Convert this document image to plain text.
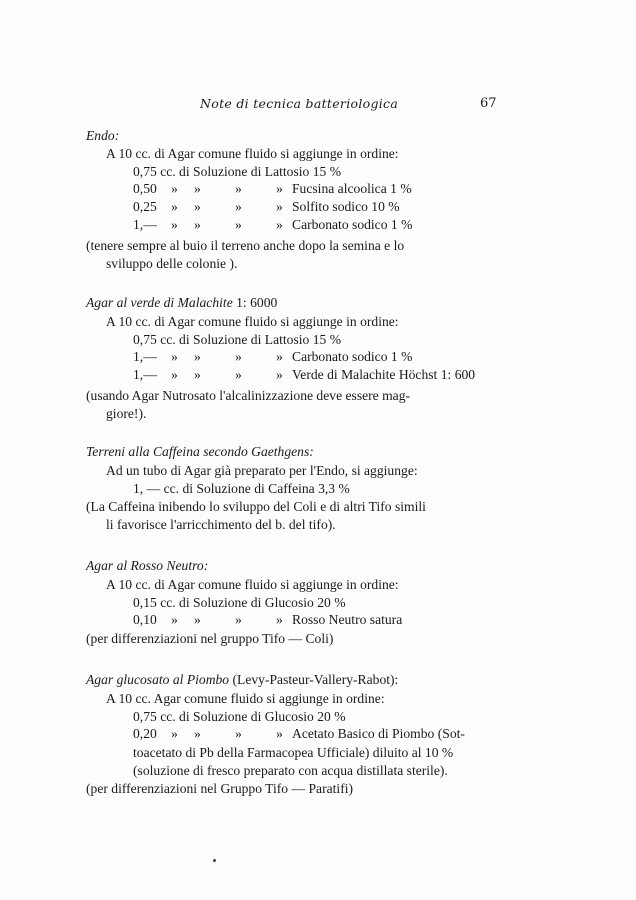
Note di tecnica batteriologica	67
Endo:
A 10 cc. di Agar comune fluido si aggiunge in ordine:
0,75 cc. di Soluzione di Lattosio 15 %
0,50 » »	»	» Fucsina alcoolica 1 %
0,25 » »	»	» Solfito sodico 10 %
1,— » »	»	» Carbonato sodico 1 %
(tenere sempre al buio il terreno anche dopo la semina e lo
sviluppo delle colonie ).
Agar al verde di Malachite 1: 6000
A 10 cc. di Agar comune fluido si aggiunge in ordine:
0,75 cc. di Soluzione di Lattosio 15 %
1,— » »	»	» Carbonato sodico 1 %
1,— » »	»	» Verde di Malachite Höchst 1: 600
(usando Agar Nutrosato l'alcalinizzazione deve essere mag-
giore!).
Terreni alla Caffeina secondo Gaethgens:
Ad un tubo di Agar già preparato per l'Endo, si aggiunge:
1, — cc. di Soluzione di Caffeina 3,3 %
(La Caffeina inibendo lo sviluppo del Coli e di altri Tifo simili
li favorisce l'arricchimento del b. del tifo).
Agar al Rosso Neutro:
A 10 cc. di Agar comune fluido si aggiunge in ordine:
0,15 cc. di Soluzione di Glucosio 20 %
0,10 » »	»	» Rosso Neutro satura
(per differenziazioni nel gruppo Tifo — Coli)
Agar glucosato al Piombo (Levy-Pasteur-Vallery-Rabot):
A 10 cc. Agar comune fluido si aggiunge in ordine:
0,75 cc. di Soluzione di Glucosio 20 %
0,20 » »	»	» Acetato Basico di Piombo (Sot-
toacetato di Pb della Farmacopea Ufficiale) diluito al 10 %
(soluzione di fresco preparato con acqua distillata sterile).
(per differenziazioni nel Gruppo Tifo — Paratifi)
